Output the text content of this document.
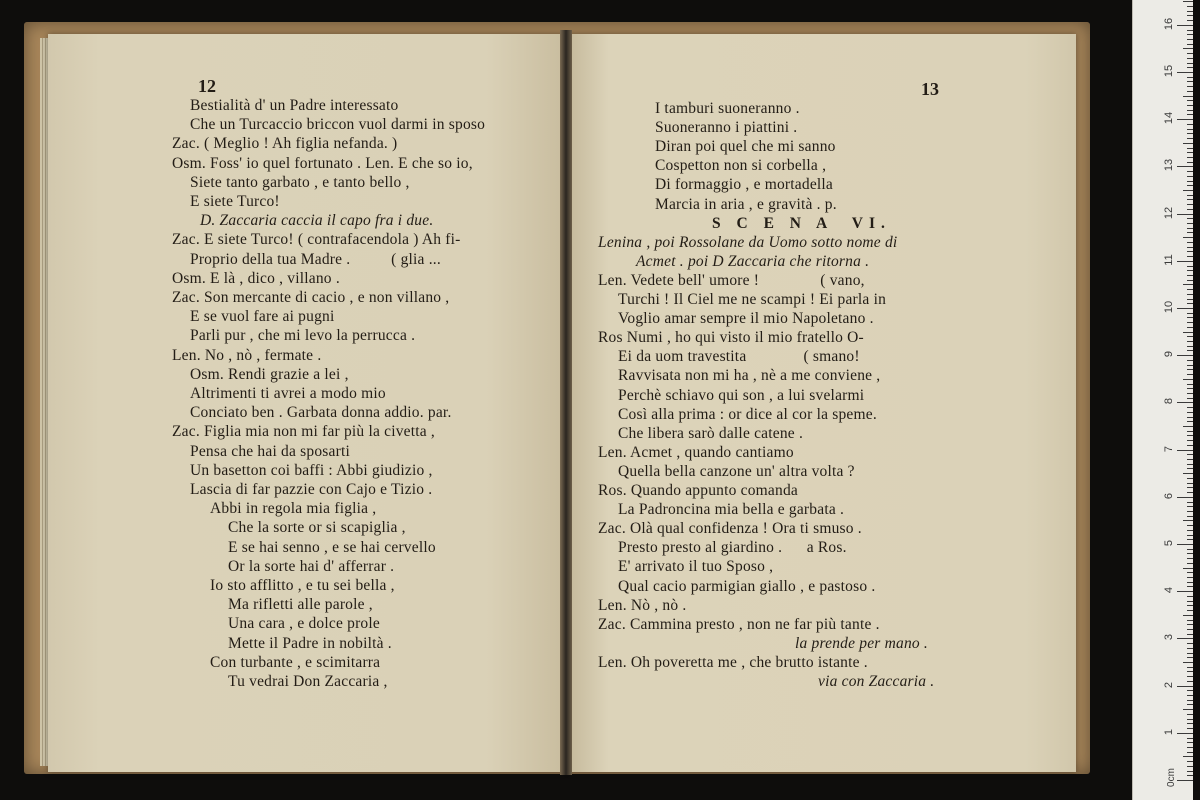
12	13
Bestialità d' un Padre interessato
Che un Turcaccio briccon vuol darmi in sposo
Zac. ( Meglio ! Ah figlia nefanda. )
Osm. Foss' io quel fortunato . Len. E che so io,
Siete tanto garbato , e tanto bello ,
E siete Turco!
D. Zaccaria caccia il capo fra i due.
Zac. E siete Turco! ( contrafacendola ) Ah fi-
Proprio della tua Madre .          ( glia ...
Osm. E là , dico , villano .
Zac. Son mercante di cacio , e non villano ,
E se vuol fare ai pugni
Parli pur , che mi levo la perrucca .
Len. No , nò , fermate .
Osm. Rendi grazie a lei ,
Altrimenti ti avrei a modo mio
Conciato ben . Garbata donna addio. par.
Zac. Figlia mia non mi far più la civetta ,
Pensa che hai da sposarti
Un basetton coi baffi : Abbi giudizio ,
Lascia di far pazzie con Cajo e Tizio .
Abbi in regola mia figlia ,
Che la sorte or si scapiglia ,
E se hai senno , e se hai cervello
Or la sorte hai d' afferrar .
Io sto afflitto , e tu sei bella ,
Ma rifletti alle parole ,
Una cara , e dolce prole
Mette il Padre in nobiltà .
Con turbante , e scimitarra
Tu vedrai Don Zaccaria ,
I tamburi suoneranno .
Suoneranno i piattini .
Diran poi quel che mi sanno
Cospetton non si corbella ,
Di formaggio , e mortadella
Marcia in aria , e gravità . p.
S C E N A  VI.
Lenina , poi Rossolane da Uomo sotto nome di
Acmet . poi D Zaccaria che ritorna .
Len. Vedete bell' umore !               ( vano,
Turchi ! Il Ciel me ne scampi ! Ei parla in
Voglio amar sempre il mio Napoletano .
Ros Numi , ho qui visto il mio fratello O-
Ei da uom travestita              ( smano!
Ravvisata non mi ha , nè a me conviene ,
Perchè schiavo qui son , a lui svelarmi
Così alla prima : or dice al cor la speme.
Che libera sarò dalle catene .
Len. Acmet , quando cantiamo
Quella bella canzone un' altra volta ?
Ros. Quando appunto comanda
La Padroncina mia bella e garbata .
Zac. Olà qual confidenza ! Ora ti smuso .
Presto presto al giardino .      a Ros.
E' arrivato il tuo Sposo ,
Qual cacio parmigian giallo , e pastoso .
Len. Nò , nò .
Zac. Cammina presto , non ne far più tante .
la prende per mano .
Len. Oh poveretta me , che brutto istante .
via con Zaccaria .
0cm
1
2
3
4
5
6
7
8
9
10
11
12
13
14
15
16
